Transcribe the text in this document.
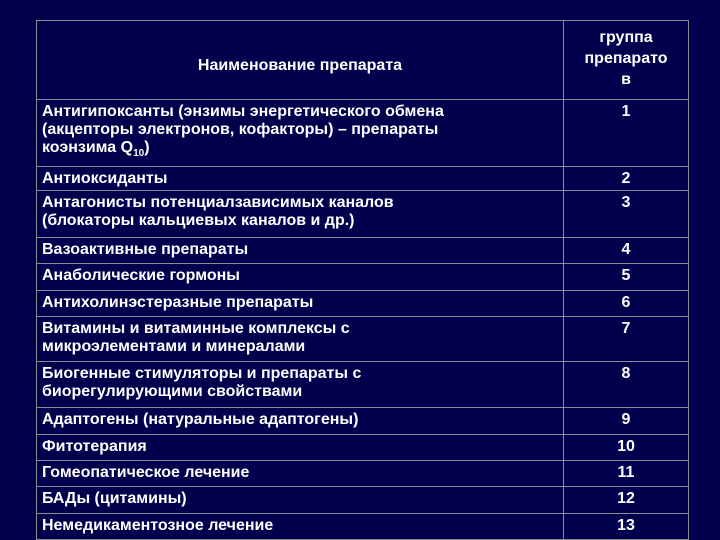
Наименование препарата	группа
препарато
в

Антигипоксанты (энзимы энергетического обмена
(акцепторы электронов, кофакторы) – препараты
коэнзима $Q_{10}$)	1
Антиоксиданты	2

Антагонисты потенциалзависимых каналов
(блокаторы кальциевых каналов и др.)	3
Вазоактивные препараты	4
Анаболические гормоны	5
Антихолинэстеразные препараты	6

Витамины и витаминные комплексы с
микроэлементами и минералами	7

Биогенные стимуляторы и препараты с
биорегулирующими свойствами	8
Адаптогены (натуральные адаптогены)	9
Фитотерапия	10
Гомеопатическое лечение	11
БАДы (цитамины)	12
Немедикаментозное лечение	13
